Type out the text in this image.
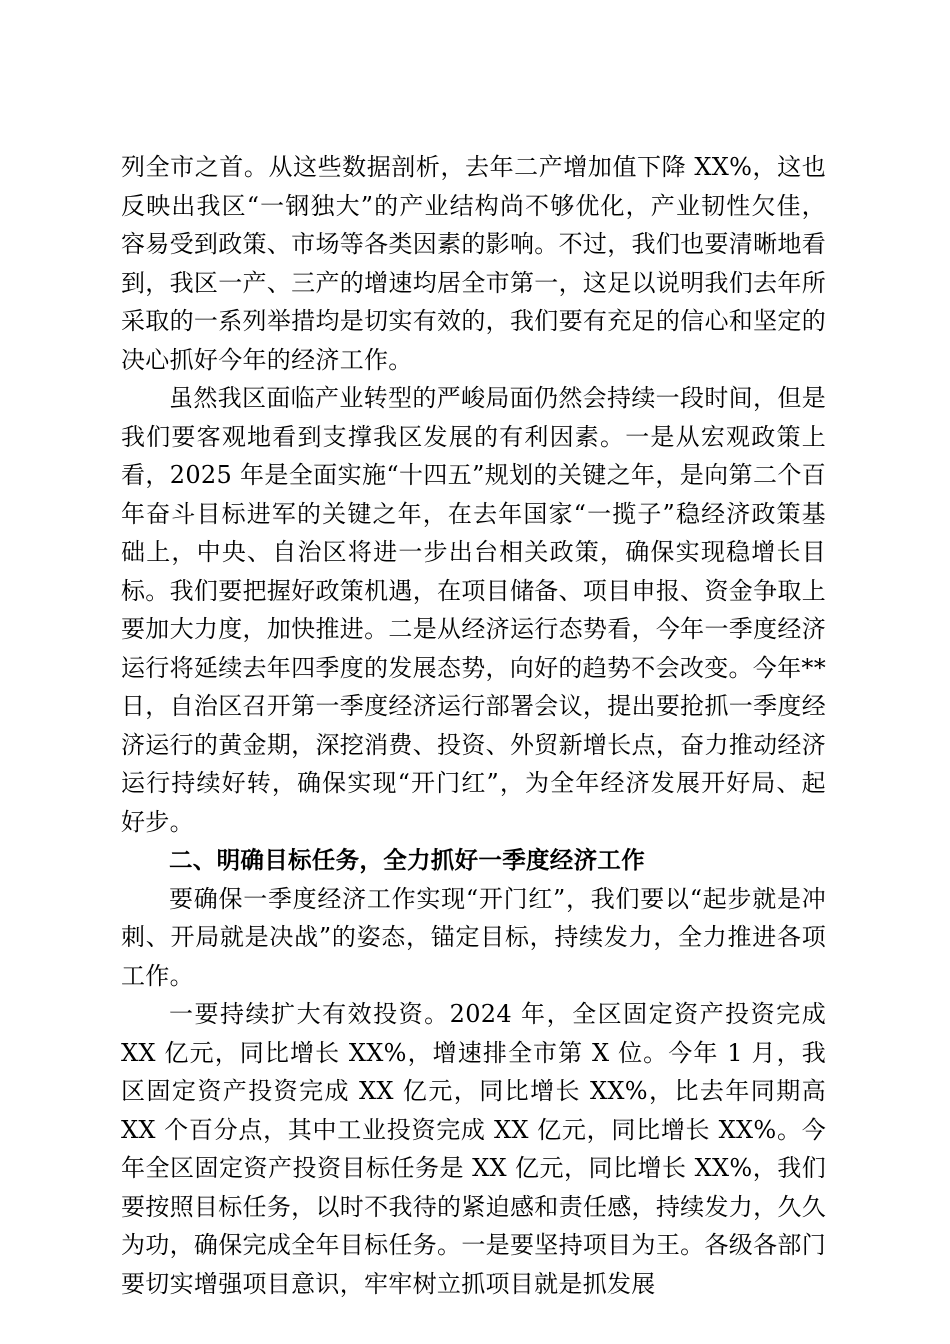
列全市之首。从这些数据剖析，去年二产增加值下降 XX%，这也反映出我区“一钢独大”的产业结构尚不够优化，产业韧性欠佳，容易受到政策、市场等各类因素的影响。不过，我们也要清晰地看到，我区一产、三产的增速均居全市第一，这足以说明我们去年所采取的一系列举措均是切实有效的，我们要有充足的信心和坚定的决心抓好今年的经济工作。

虽然我区面临产业转型的严峻局面仍然会持续一段时间，但是我们要客观地看到支撑我区发展的有利因素。一是从宏观政策上看，2025 年是全面实施“十四五”规划的关键之年，是向第二个百年奋斗目标进军的关键之年，在去年国家“一揽子”稳经济政策基础上，中央、自治区将进一步出台相关政策，确保实现稳增长目标。我们要把握好政策机遇，在项目储备、项目申报、资金争取上要加大力度，加快推进。二是从经济运行态势看，今年一季度经济运行将延续去年四季度的发展态势，向好的趋势不会改变。今年**日，自治区召开第一季度经济运行部署会议，提出要抢抓一季度经济运行的黄金期，深挖消费、投资、外贸新增长点，奋力推动经济运行持续好转，确保实现“开门红”，为全年经济发展开好局、起好步。

二、明确目标任务，全力抓好一季度经济工作

要确保一季度经济工作实现“开门红”，我们要以“起步就是冲刺、开局就是决战”的姿态，锚定目标，持续发力，全力推进各项工作。

一要持续扩大有效投资。2024 年，全区固定资产投资完成 XX 亿元，同比增长 XX%，增速排全市第 X 位。今年 1 月，我区固定资产投资完成 XX 亿元，同比增长 XX%，比去年同期高 XX 个百分点，其中工业投资完成 XX 亿元，同比增长 XX%。今年全区固定资产投资目标任务是 XX 亿元，同比增长 XX%，我们要按照目标任务，以时不我待的紧迫感和责任感，持续发力，久久为功，确保完成全年目标任务。一是要坚持项目为王。各级各部门要切实增强项目意识，牢牢树立抓项目就是抓发展
